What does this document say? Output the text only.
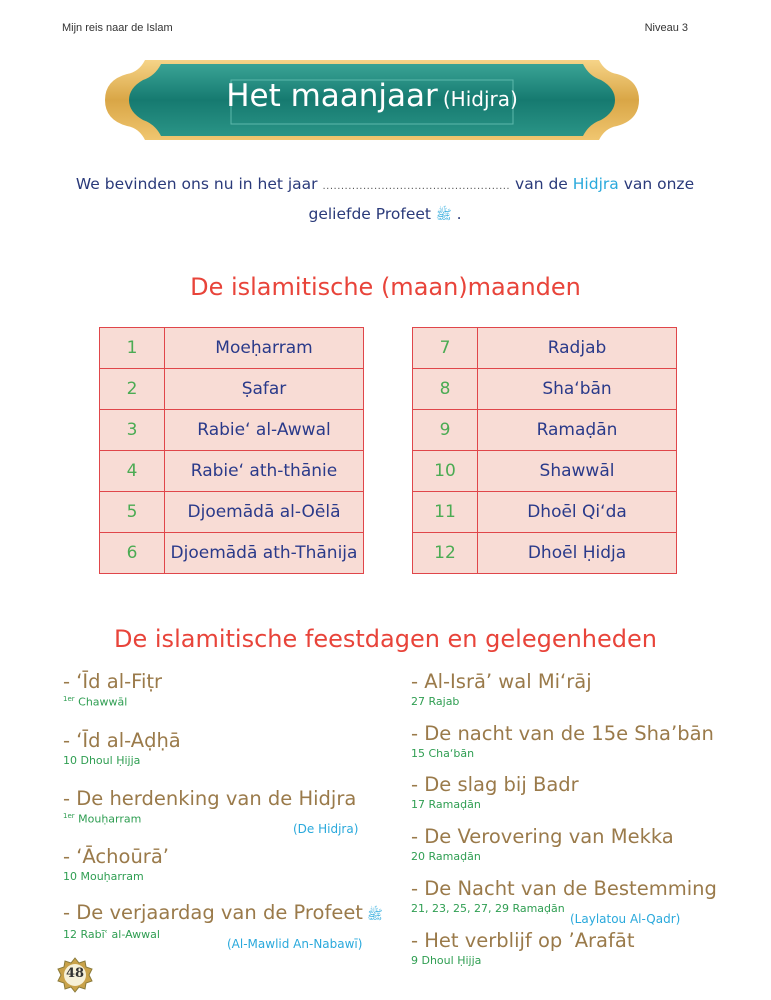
Mijn reis naar de Islam	Niveau 3
Het maanjaar (Hidjra)
We bevinden ons nu in het jaar ................................................... van de Hidjra van onze
geliefde Profeet ﷺ .
De islamitische (maan)maanden
1	Moeḥarram
2	Ṣafar
3	Rabie‘ al-Awwal
4	Rabie‘ ath-thānie
5	Djoemādā al-Oēlā
6	Djoemādā ath-Thānija
7	Radjab
8	Sha‘bān
9	Ramaḍān
10	Shawwāl
11	Dhoēl Qi‘da
12	Dhoēl Ḥidja
De islamitische feestdagen en gelegenheden
- ‘Īd al-Fiṭr
$^{1er}$ Chawwāl
- ‘Īd al-Aḍḥā
10 Dhoul Ḥijja
- De herdenking van de Hidjra
$^{1er}$ Mouḥarram
(De Hidjra)
- ‘Āchoūrā’
10 Mouḥarram
- De verjaardag van de Profeet ﷺ
12 Rabīʿ al-Awwal
(Al-Mawlid An-Nabawī)
- Al-Isrā’ wal Mi‘rāj
27 Rajab
- De nacht van de 15e Sha’bān
15 Cha‘bān
- De slag bij Badr
17 Ramaḍān
- De Verovering van Mekka
20 Ramaḍān
- De Nacht van de Bestemming
21, 23, 25, 27, 29 Ramaḍān
(Laylatou Al-Qadr)
- Het verblijf op ’Arafāt
9 Dhoul Ḥijja
48
